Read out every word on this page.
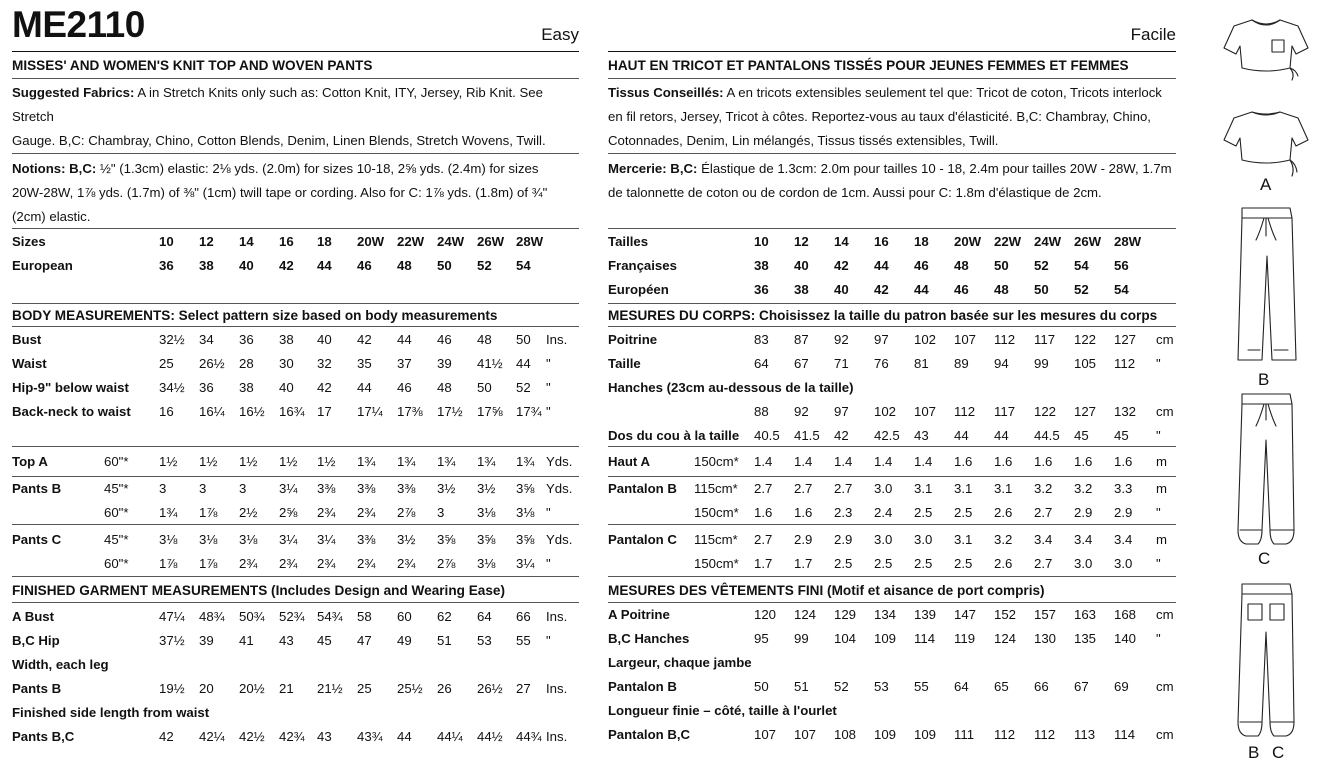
ME2110	Easy
MISSES' AND WOMEN'S KNIT TOP AND WOVEN PANTS
Suggested Fabrics: A in Stretch Knits only such as: Cotton Knit, ITY, Jersey, Rib Knit. See Stretch
Gauge. B,C: Chambray, Chino, Cotton Blends, Denim, Linen Blends, Stretch Wovens, Twill.
Notions: B,C: ½" (1.3cm) elastic: 2⅛ yds. (2.0m) for sizes 10-18, 2⅝ yds. (2.4m) for sizes
20W-28W, 1⅞ yds. (1.7m) of ⅜" (1cm) twill tape or cording. Also for C: 1⅞ yds. (1.8m) of ¾"
(2cm) elastic.
Sizes	10 12 14 16 18 20W 22W 24W 26W 28W
European	36 38 40 42 44 46 48 50 52 54
BODY MEASUREMENTS: Select pattern size based on body measurements
Bust	32½ 34 36 38 40 42 44 46 48 50 Ins.
Waist	25 26½ 28 30 32 35 37 39 41½ 44 "
Hip-9" below waist 34½ 36 38 40 42 44 46 48 50 52 "
Back-neck to waist 16 16¼ 16½ 16¾ 17 17¼ 17⅜ 17½ 17⅝ 17¾ "
Top A	60"* 1½ 1½ 1½ 1½ 1½ 1¾ 1¾ 1¾ 1¾ 1¾ Yds.
Pants B	45"* 3 3 3 3¼ 3⅜ 3⅜ 3⅜ 3½ 3½ 3⅝ Yds.
60"* 1¾ 1⅞ 2½ 2⅝ 2¾ 2¾ 2⅞ 3 3⅛ 3⅛ "
Pants C	45"* 3⅛ 3⅛ 3⅛ 3¼ 3¼ 3⅜ 3½ 3⅝ 3⅝ 3⅝ Yds.
60"* 1⅞ 1⅞ 2¾ 2¾ 2¾ 2¾ 2¾ 2⅞ 3⅛ 3¼ "
FINISHED GARMENT MEASUREMENTS (Includes Design and Wearing Ease)
A Bust	47¼ 48¾ 50¾ 52¾ 54¾ 58 60 62 64 66 Ins.
B,C Hip	37½ 39 41 43 45 47 49 51 53 55 "
Width, each leg
Pants B	19½ 20 20½ 21 21½ 25 25½ 26 26½ 27 Ins.
Finished side length from waist
Pants B,C	42 42¼ 42½ 42¾ 43 43¾ 44 44¼ 44½ 44¾ Ins.
Facile
HAUT EN TRICOT ET PANTALONS TISSÉS POUR JEUNES FEMMES ET FEMMES
Tissus Conseillés: A en tricots extensibles seulement tel que: Tricot de coton, Tricots interlock
en fil retors, Jersey, Tricot à côtes. Reportez-vous au taux d'élasticité. B,C: Chambray, Chino,
Cotonnades, Denim, Lin mélangés, Tissus tissés extensibles, Twill.
Mercerie: B,C: Élastique de 1.3cm: 2.0m pour tailles 10 - 18, 2.4m pour tailles 20W - 28W, 1.7m
de talonnette de coton ou de cordon de 1cm. Aussi pour C: 1.8m d'élastique de 2cm.
Tailles	10 12 14 16 18 20W 22W 24W 26W 28W
Françaises	38 40 42 44 46 48 50 52 54 56
Européen	36 38 40 42 44 46 48 50 52 54
MESURES DU CORPS: Choisissez la taille du patron basée sur les mesures du corps
Poitrine	83 87 92 97 102 107 112 117 122 127 cm
Taille	64 67 71 76 81 89 94 99 105 112 "
Hanches (23cm au-dessous de la taille)
88 92 97 102 107 112 117 122 127 132 cm
Dos du cou à la taille 40.5 41.5 42 42.5 43 44 44 44.5 45 45 "
Haut A	150cm* 1.4 1.4 1.4 1.4 1.4 1.6 1.6 1.6 1.6 1.6 m
Pantalon B 115cm* 2.7 2.7 2.7 3.0 3.1 3.1 3.1 3.2 3.2 3.3 m
150cm* 1.6 1.6 2.3 2.4 2.5 2.5 2.6 2.7 2.9 2.9 "
Pantalon C 115cm* 2.7 2.9 2.9 3.0 3.0 3.1 3.2 3.4 3.4 3.4 m
150cm* 1.7 1.7 2.5 2.5 2.5 2.5 2.6 2.7 3.0 3.0 "
MESURES DES VÊTEMENTS FINI (Motif et aisance de port compris)
A Poitrine	120 124 129 134 139 147 152 157 163 168 cm
B,C Hanches	95 99 104 109 114 119 124 130 135 140 "
Largeur, chaque jambe
Pantalon B	50 51 52 53 55 64 65 66 67 69 cm
Longueur finie – côté, taille à l'ourlet
Pantalon B,C	107 107 108 109 109 111 112 112 113 114 cm
A
B
C
B C
